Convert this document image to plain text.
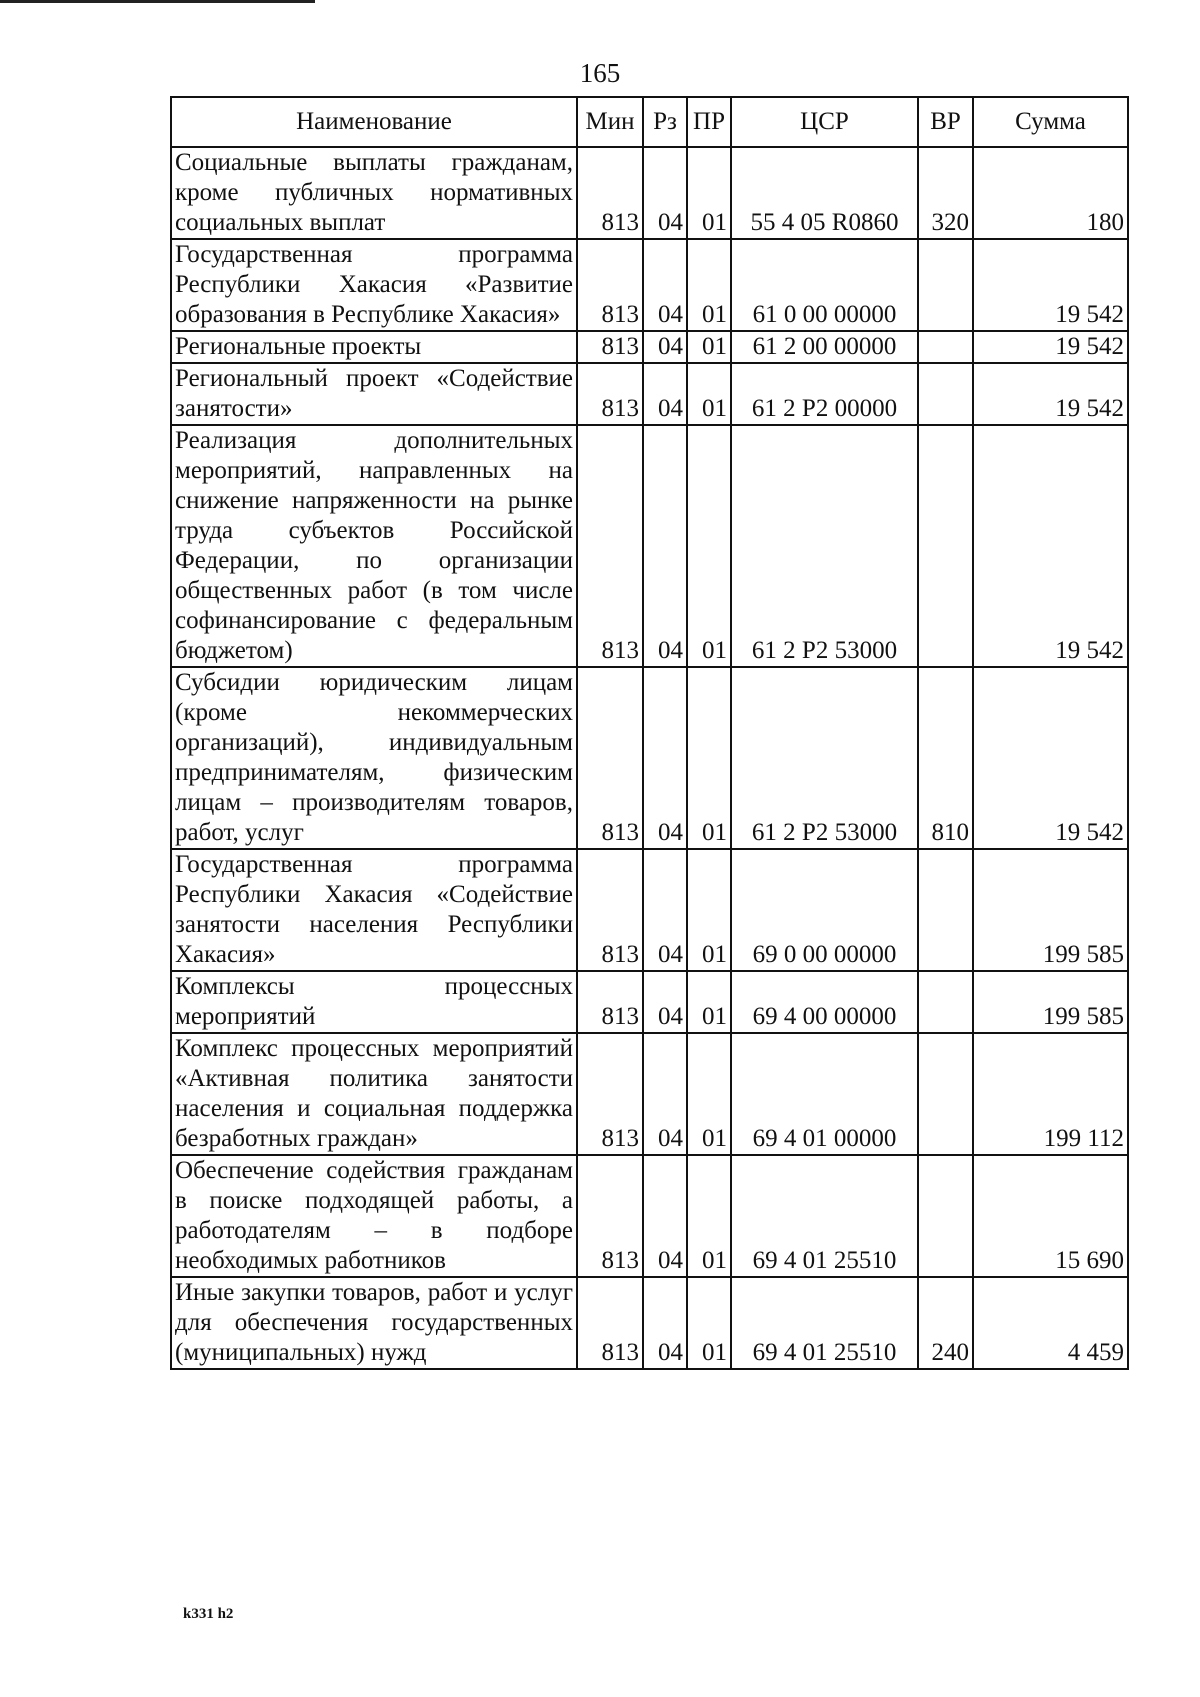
165
Наименование	Мин	Рз	ПР	ЦСР	ВР	Сумма
Социальные выплаты гражданам, кроме публичных нормативных социальных выплат	813	04	01	55 4 05 R0860	320	180
Государственная программа Республики Хакасия «Развитие образования в Республике Хакасия»	813	04	01	61 0 00 00000		19 542
Региональные проекты	813	04	01	61 2 00 00000		19 542
Региональный проект «Содействие занятости»	813	04	01	61 2 P2 00000		19 542
Реализация дополнительных мероприятий, направленных на снижение напряженности на рынке труда субъектов Российской Федерации, по организации общественных работ (в том числе софинансирование с федеральным бюджетом)	813	04	01	61 2 P2 53000		19 542
Субсидии юридическим лицам (кроме некоммерческих организаций), индивидуальным предпринимателям, физическим лицам – производителям товаров, работ, услуг	813	04	01	61 2 P2 53000	810	19 542
Государственная программа Республики Хакасия «Содействие занятости населения Республики Хакасия»	813	04	01	69 0 00 00000		199 585
Комплексы процессных мероприятий	813	04	01	69 4 00 00000		199 585
Комплекс процессных мероприятий «Активная политика занятости населения и социальная поддержка безработных граждан»	813	04	01	69 4 01 00000		199 112
Обеспечение содействия гражданам в поиске подходящей работы, а работодателям – в подборе необходимых работников	813	04	01	69 4 01 25510		15 690
Иные закупки товаров, работ и услуг для обеспечения государственных (муниципальных) нужд	813	04	01	69 4 01 25510	240	4 459
k331 h2
